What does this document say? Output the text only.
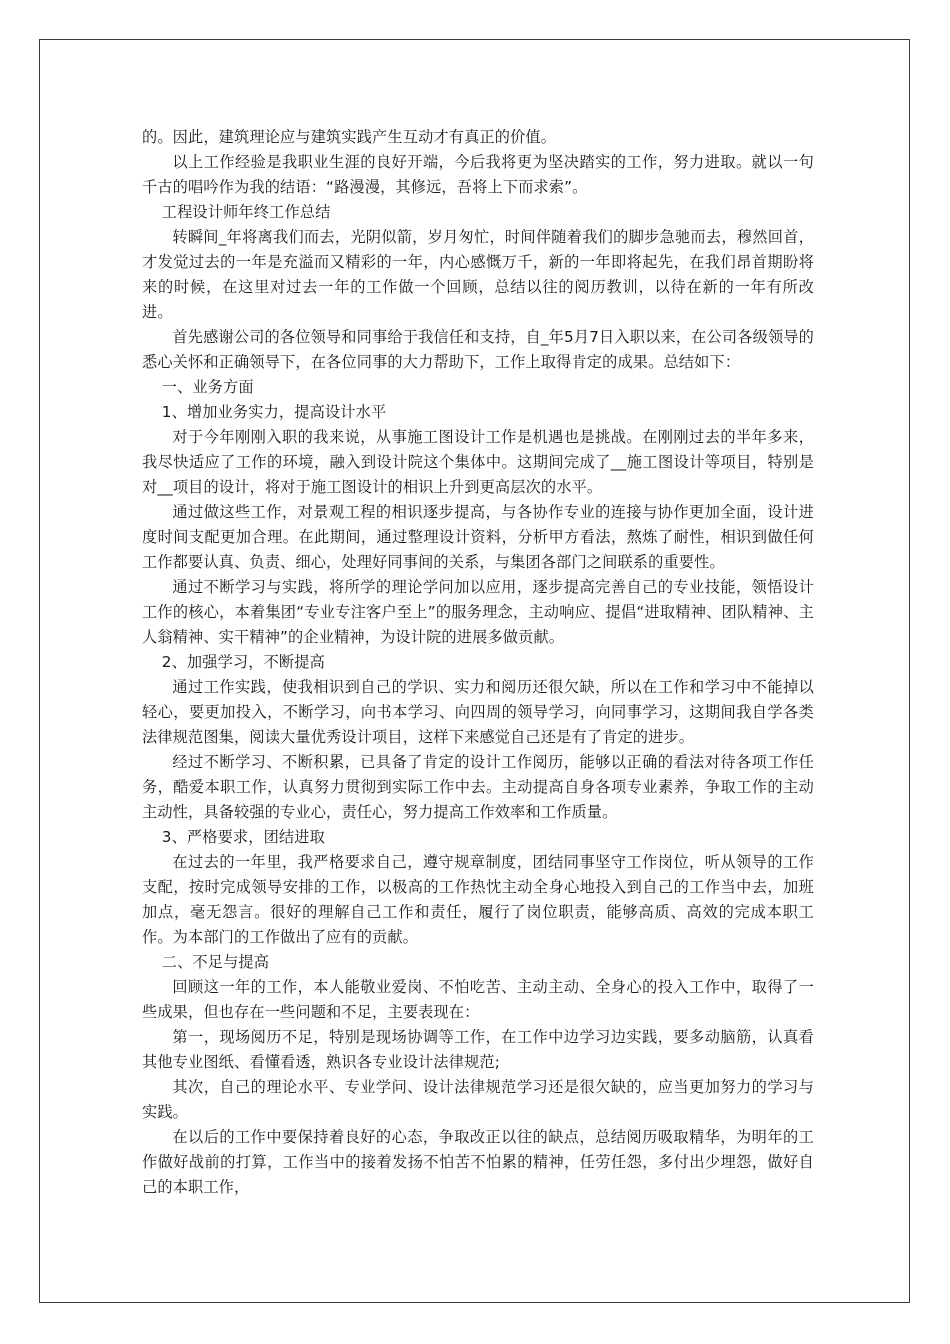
的。因此，建筑理论应与建筑实践产生互动才有真正的价值。

以上工作经验是我职业生涯的良好开端，今后我将更为坚决踏实的工作，努力进取。就以一句千古的唱吟作为我的结语：“路漫漫，其修远，吾将上下而求索”。

工程设计师年终工作总结

转瞬间_年将离我们而去，光阴似箭，岁月匆忙，时间伴随着我们的脚步急驰而去，穆然回首，才发觉过去的一年是充溢而又精彩的一年，内心感慨万千，新的一年即将起先，在我们昂首期盼将来的时候，在这里对过去一年的工作做一个回顾，总结以往的阅历教训，以待在新的一年有所改进。

首先感谢公司的各位领导和同事给于我信任和支持，自_年5月7日入职以来，在公司各级领导的悉心关怀和正确领导下，在各位同事的大力帮助下，工作上取得肯定的成果。总结如下：

一、业务方面

1、增加业务实力，提高设计水平

对于今年刚刚入职的我来说，从事施工图设计工作是机遇也是挑战。在刚刚过去的半年多来，我尽快适应了工作的环境，融入到设计院这个集体中。这期间完成了__施工图设计等项目，特别是对__项目的设计，将对于施工图设计的相识上升到更高层次的水平。

通过做这些工作，对景观工程的相识逐步提高，与各协作专业的连接与协作更加全面，设计进度时间支配更加合理。在此期间，通过整理设计资料，分析甲方看法，熬炼了耐性，相识到做任何工作都要认真、负责、细心，处理好同事间的关系，与集团各部门之间联系的重要性。

通过不断学习与实践，将所学的理论学问加以应用，逐步提高完善自己的专业技能，领悟设计工作的核心，本着集团“专业专注客户至上”的服务理念，主动响应、提倡“进取精神、团队精神、主人翁精神、实干精神”的企业精神，为设计院的进展多做贡献。

2、加强学习，不断提高

通过工作实践，使我相识到自己的学识、实力和阅历还很欠缺，所以在工作和学习中不能掉以轻心，要更加投入，不断学习，向书本学习、向四周的领导学习，向同事学习，这期间我自学各类法律规范图集，阅读大量优秀设计项目，这样下来感觉自己还是有了肯定的进步。

经过不断学习、不断积累，已具备了肯定的设计工作阅历，能够以正确的看法对待各项工作任务，酷爱本职工作，认真努力贯彻到实际工作中去。主动提高自身各项专业素养，争取工作的主动主动性，具备较强的专业心，责任心，努力提高工作效率和工作质量。

3、严格要求，团结进取

在过去的一年里，我严格要求自己，遵守规章制度，团结同事坚守工作岗位，听从领导的工作支配，按时完成领导安排的工作，以极高的工作热忱主动全身心地投入到自己的工作当中去，加班加点，毫无怨言。很好的理解自己工作和责任，履行了岗位职责，能够高质、高效的完成本职工作。为本部门的工作做出了应有的贡献。

二、不足与提高

回顾这一年的工作，本人能敬业爱岗、不怕吃苦、主动主动、全身心的投入工作中，取得了一些成果，但也存在一些问题和不足，主要表现在：

第一，现场阅历不足，特别是现场协调等工作，在工作中边学习边实践，要多动脑筋，认真看其他专业图纸、看懂看透，熟识各专业设计法律规范;

其次，自己的理论水平、专业学问、设计法律规范学习还是很欠缺的，应当更加努力的学习与实践。

在以后的工作中要保持着良好的心态，争取改正以往的缺点，总结阅历吸取精华，为明年的工作做好战前的打算，工作当中的接着发扬不怕苦不怕累的精神，任劳任怨，多付出少埋怨，做好自己的本职工作，
